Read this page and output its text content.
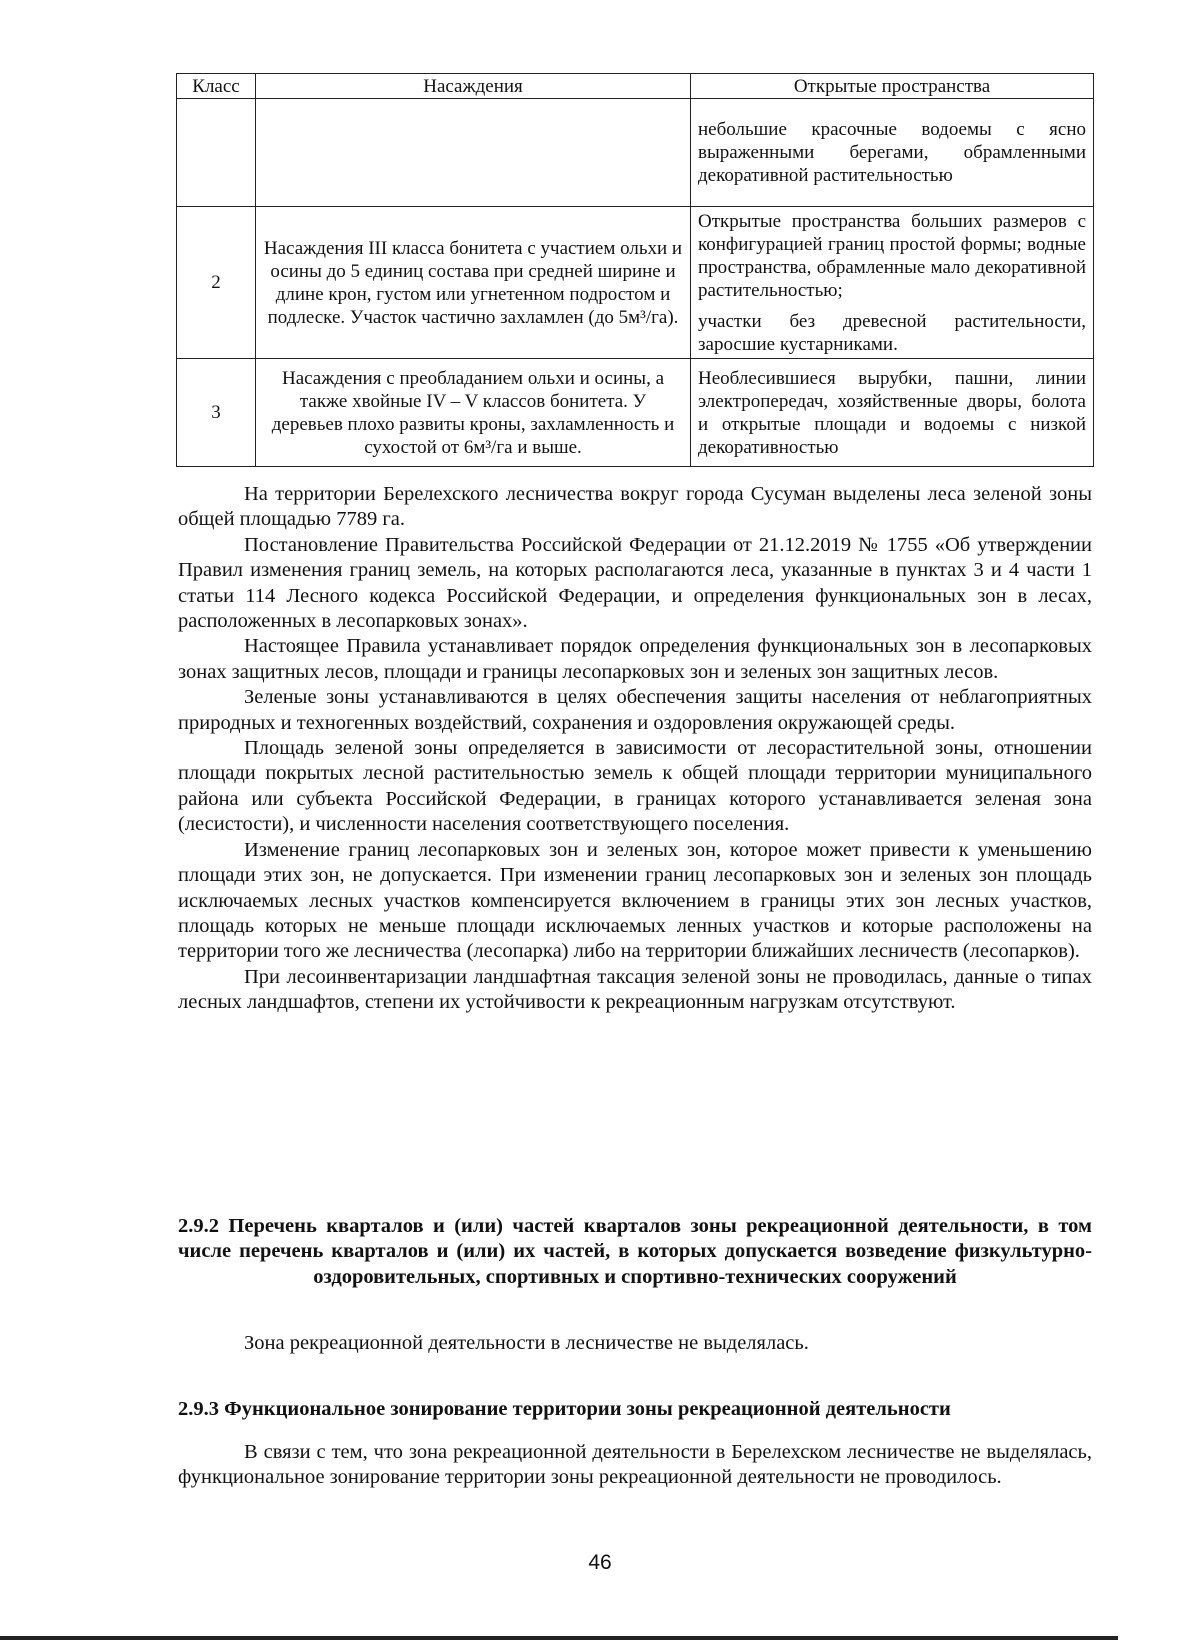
Класс	Насаждения	Открытые пространства

		небольшие красочные водоемы с ясно выраженными берегами, обрамленными декоративной растительностью

2	Насаждения III класса бонитета с участием ольхи и осины до 5 единиц состава при средней ширине и длине крон, густом или угнетенном подростом и подлеске. Участок частично захламлен (до 5м³/га).	Открытые пространства больших размеров с конфигурацией границ простой формы; водные пространства, обрамленные мало декоративной растительностью;
участки без древесной растительности, заросшие кустарниками.

3	Насаждения с преобладанием ольхи и осины, а также хвойные IV – V классов бонитета. У деревьев плохо развиты кроны, захламленность и сухостой от 6м³/га и выше.	Необлесившиеся вырубки, пашни, линии электропередач, хозяйственные дворы, болота и открытые площади и водоемы с низкой декоративностью

На территории Берелехского лесничества вокруг города Сусуман выделены леса зеленой зоны общей площадью 7789 га.

Постановление Правительства Российской Федерации от 21.12.2019 № 1755 «Об утверждении Правил изменения границ земель, на которых располагаются леса, указанные в пунктах 3 и 4 части 1 статьи 114 Лесного кодекса Российской Федерации, и определения функциональных зон в лесах, расположенных в лесопарковых зонах».

Настоящее Правила устанавливает порядок определения функциональных зон в лесопарковых зонах защитных лесов, площади и границы лесопарковых зон и зеленых зон защитных лесов.

Зеленые зоны устанавливаются в целях обеспечения защиты населения от неблагоприятных природных и техногенных воздействий, сохранения и оздоровления окружающей среды.

Площадь зеленой зоны определяется в зависимости от лесорастительной зоны, отношении площади покрытых лесной растительностью земель к общей площади территории муниципального района или субъекта Российской Федерации, в границах которого устанавливается зеленая зона (лесистости), и численности населения соответствующего поселения.

Изменение границ лесопарковых зон и зеленых зон, которое может привести к уменьшению площади этих зон, не допускается. При изменении границ лесопарковых зон и зеленых зон площадь исключаемых лесных участков компенсируется включением в границы этих зон лесных участков, площадь которых не меньше площади исключаемых ленных участков и которые расположены на территории того же лесничества (лесопарка) либо на территории ближайших лесничеств (лесопарков).

При лесоинвентаризации ландшафтная таксация зеленой зоны не проводилась, данные о типах лесных ландшафтов, степени их устойчивости к рекреационным нагрузкам отсутствуют.

2.9.2 Перечень кварталов и (или) частей кварталов зоны рекреационной деятельности, в том числе перечень кварталов и (или) их частей, в которых допускается возведение физкультурно-оздоровительных, спортивных и спортивно-технических сооружений

Зона рекреационной деятельности в лесничестве не выделялась.

2.9.3 Функциональное зонирование территории зоны рекреационной деятельности

В связи с тем, что зона рекреационной деятельности в Берелехском лесничестве не выделялась, функциональное зонирование территории зоны рекреационной деятельности не проводилось.

46
